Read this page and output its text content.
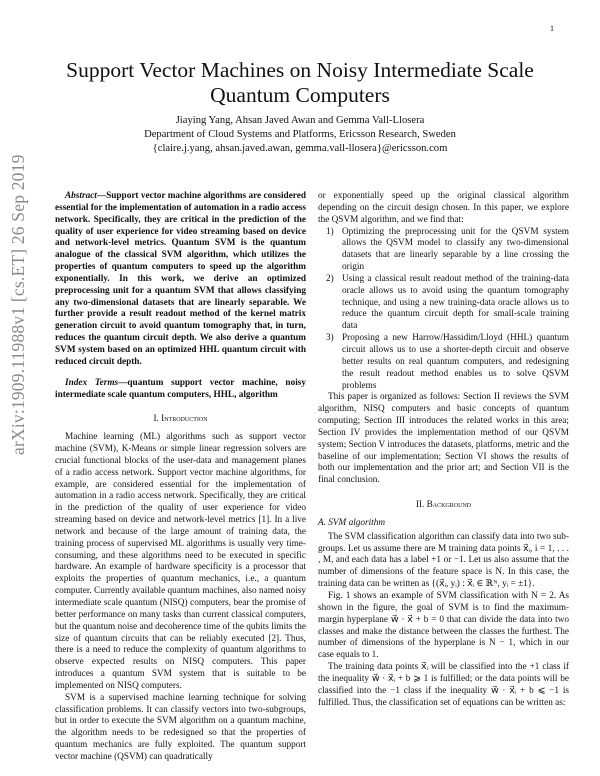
1
arXiv:1909.11988v1 [cs.ET] 26 Sep 2019
Support Vector Machines on Noisy Intermediate Scale Quantum Computers
Jiaying Yang, Ahsan Javed Awan and Gemma Vall-Llosera
Department of Cloud Systems and Platforms, Ericsson Research, Sweden
{claire.j.yang, ahsan.javed.awan, gemma.vall-llosera}@ericsson.com

Abstract—Support vector machine algorithms are considered essential for the implementation of automation in a radio access network. Specifically, they are critical in the prediction of the quality of user experience for video streaming based on device and network-level metrics. Quantum SVM is the quantum analogue of the classical SVM algorithm, which utilizes the properties of quantum computers to speed up the algorithm exponentially. In this work, we derive an optimized preprocessing unit for a quantum SVM that allows classifying any two-dimensional datasets that are linearly separable. We further provide a result readout method of the kernel matrix generation circuit to avoid quantum tomography that, in turn, reduces the quantum circuit depth. We also derive a quantum SVM system based on an optimized HHL quantum circuit with reduced circuit depth.

Index Terms—quantum support vector machine, noisy intermediate scale quantum computers, HHL, algorithm

I. Introduction

Machine learning (ML) algorithms such as support vector machine (SVM), K-Means or simple linear regression solvers are crucial functional blocks of the user-data and management planes of a radio access network. Support vector machine algorithms, for example, are considered essential for the implementation of automation in a radio access network. Specifically, they are critical in the prediction of the quality of user experience for video streaming based on device and network-level metrics [1]. In a live network and because of the large amount of training data, the training process of supervised ML algorithms is usually very time-consuming, and these algorithms need to be executed in specific hardware. An example of hardware specificity is a processor that exploits the properties of quantum mechanics, i.e., a quantum computer. Currently available quantum machines, also named noisy intermediate scale quantum (NISQ) computers, bear the promise of better performance on many tasks than current classical computers, but the quantum noise and decoherence time of the qubits limits the size of quantum circuits that can be reliably executed [2]. Thus, there is a need to reduce the complexity of quantum algorithms to observe expected results on NISQ computers. This paper introduces a quantum SVM system that is suitable to be implemented on NISQ computers.

SVM is a supervised machine learning technique for solving classification problems. It can classify vectors into two-subgroups, but in order to execute the SVM algorithm on a quantum machine, the algorithm needs to be redesigned so that the properties of quantum mechanics are fully exploited. The quantum support vector machine (QSVM) can quadratically

or exponentially speed up the original classical algorithm depending on the circuit design chosen. In this paper, we explore the QSVM algorithm, and we find that:

1) Optimizing the preprocessing unit for the QSVM system allows the QSVM model to classify any two-dimensional datasets that are linearly separable by a line crossing the origin
2) Using a classical result readout method of the training-data oracle allows us to avoid using the quantum tomography technique, and using a new training-data oracle allows us to reduce the quantum circuit depth for small-scale training data
3) Proposing a new Harrow/Hassidim/Lloyd (HHL) quantum circuit allows us to use a shorter-depth circuit and observe better results on real quantum computers, and redesigning the result readout method enables us to solve QSVM problems

This paper is organized as follows: Section II reviews the SVM algorithm, NISQ computers and basic concepts of quantum computing; Section III introduces the related works in this area; Section IV provides the implementation method of our QSVM system; Section V introduces the datasets, platforms, metric and the baseline of our implementation; Section VI shows the results of both our implementation and the prior art; and Section VII is the final conclusion.

II. Background

A. SVM algorithm

The SVM classification algorithm can classify data into two sub-groups. Let us assume there are M training data points x⃗ᵢ, i = 1, . . . , M, and each data has a label +1 or −1. Let us also assume that the number of dimensions of the feature space is N. In this case, the training data can be written as {(x⃗ᵢ, yᵢ) : x⃗ᵢ ∈ ℝᴺ, yᵢ = ±1}.

Fig. 1 shows an example of SVM classification with N = 2. As shown in the figure, the goal of SVM is to find the maximum-margin hyperplane w⃗ · x⃗ + b = 0 that can divide the data into two classes and make the distance between the classes the furthest. The number of dimensions of the hyperplane is N − 1, which in our case equals to 1.

The training data points x⃗ᵢ will be classified into the +1 class if the inequality w⃗ · x⃗ᵢ + b ⩾ 1 is fulfilled; or the data points will be classified into the −1 class if the inequality w⃗ · x⃗ᵢ + b ⩽ −1 is fulfilled. Thus, the classification set of equations can be written as:
